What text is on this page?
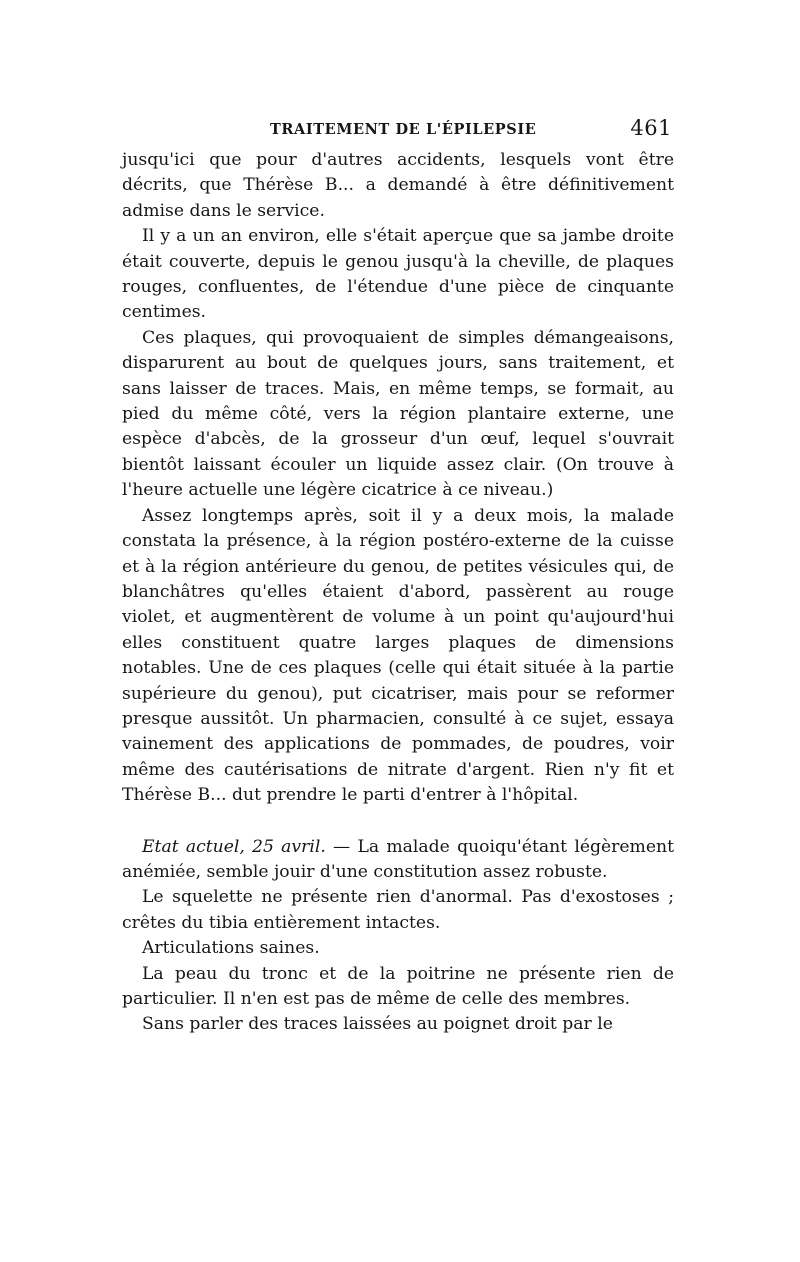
TRAITEMENT DE L'ÉPILEPSIE	461

jusqu'ici que pour d'autres accidents, lesquels vont être décrits, que Thérèse B... a demandé à être définitivement admise dans le service.

Il y a un an environ, elle s'était aperçue que sa jambe droite était couverte, depuis le genou jusqu'à la cheville, de plaques rouges, confluentes, de l'étendue d'une pièce de cinquante centimes.

Ces plaques, qui provoquaient de simples démangeaisons, disparurent au bout de quelques jours, sans traitement, et sans laisser de traces. Mais, en même temps, se formait, au pied du même côté, vers la région plantaire externe, une espèce d'abcès, de la grosseur d'un œuf, lequel s'ouvrait bientôt laissant écouler un liquide assez clair. (On trouve à l'heure actuelle une légère cicatrice à ce niveau.)

Assez longtemps après, soit il y a deux mois, la malade constata la présence, à la région postéro-externe de la cuisse et à la région antérieure du genou, de petites vésicules qui, de blanchâtres qu'elles étaient d'abord, passèrent au rouge violet, et augmentèrent de volume à un point qu'aujourd'hui elles constituent quatre larges plaques de dimensions notables. Une de ces plaques (celle qui était située à la partie supérieure du genou), put cicatriser, mais pour se reformer presque aussitôt. Un pharmacien, consulté à ce sujet, essaya vainement des applications de pommades, de poudres, voir même des cautérisations de nitrate d'argent. Rien n'y fit et Thérèse B... dut prendre le parti d'entrer à l'hôpital.

Etat actuel, 25 avril. — La malade quoiqu'étant légèrement anémiée, semble jouir d'une constitution assez robuste.

Le squelette ne présente rien d'anormal. Pas d'exostoses ; crêtes du tibia entièrement intactes.

Articulations saines.

La peau du tronc et de la poitrine ne présente rien de particulier. Il n'en est pas de même de celle des membres.

Sans parler des traces laissées au poignet droit par le
